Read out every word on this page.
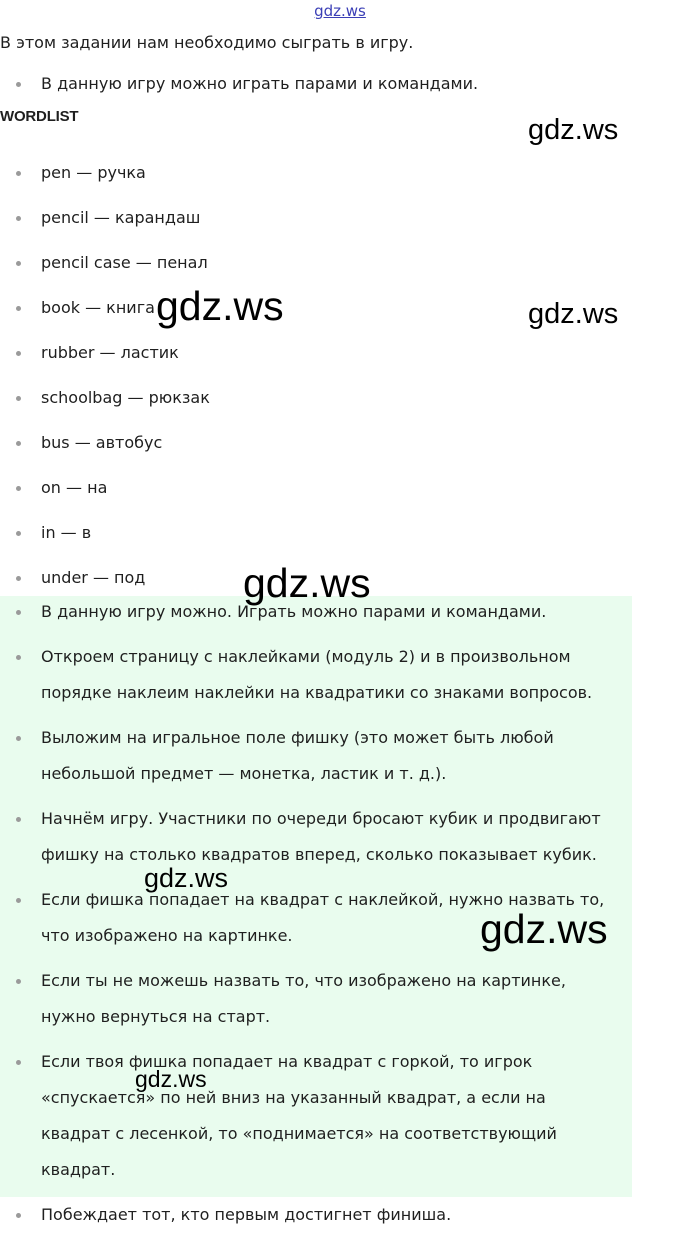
gdz.ws
В этом задании нам необходимо сыграть в игру.
В данную игру можно играть парами и командами.
WORDLIST
pen — ручка
pencil — карандаш
pencil case — пенал
book — книга
rubber — ластик
schoolbag — рюкзак
bus — автобус
on — на
in — в
under — под
В данную игру можно. Играть можно парами и командами.
Откроем страницу с наклейками (модуль 2) и в произвольном порядке наклеим наклейки на квадратики со знаками вопросов.
Выложим на игральное поле фишку (это может быть любой небольшой предмет — монетка, ластик и т. д.).
Начнём игру. Участники по очереди бросают кубик и продвигают фишку на столько квадратов вперед, сколько показывает кубик.
Если фишка попадает на квадрат с наклейкой, нужно назвать то, что изображено на картинке.
Если ты не можешь назвать то, что изображено на картинке, нужно вернуться на старт.
Если твоя фишка попадает на квадрат с горкой, то игрок «спускается» по ней вниз на указанный квадрат, а если на квадрат с лесенкой, то «поднимается» на соответствующий квадрат.
Побеждает тот, кто первым достигнет финиша.
gdz.ws
gdz.ws	gdz.ws
gdz.ws
gdz.ws
gdz.ws
gdz.ws
